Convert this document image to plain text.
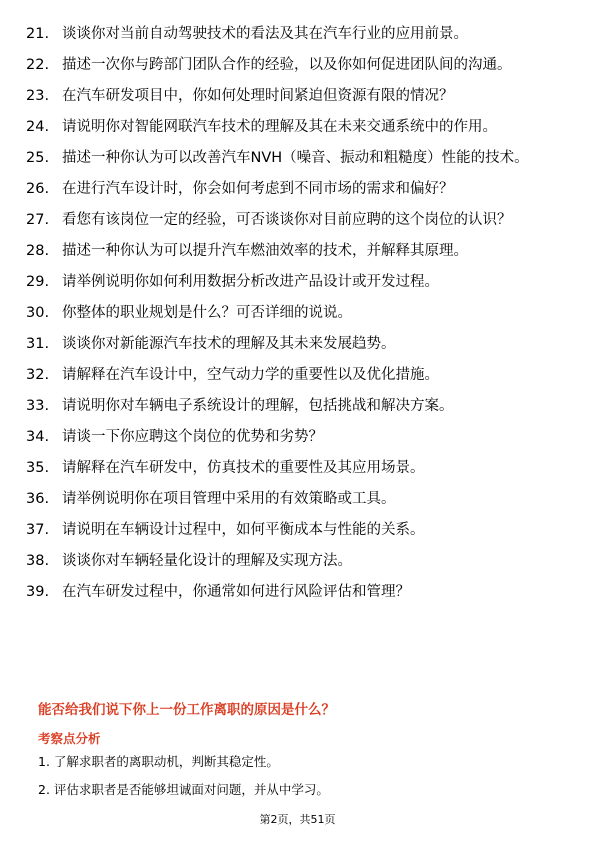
21. 谈谈你对当前自动驾驶技术的看法及其在汽车行业的应用前景。
22. 描述一次你与跨部门团队合作的经验，以及你如何促进团队间的沟通。
23. 在汽车研发项目中，你如何处理时间紧迫但资源有限的情况？
24. 请说明你对智能网联汽车技术的理解及其在未来交通系统中的作用。
25. 描述一种你认为可以改善汽车NVH（噪音、振动和粗糙度）性能的技术。
26. 在进行汽车设计时，你会如何考虑到不同市场的需求和偏好？
27. 看您有该岗位一定的经验，可否谈谈你对目前应聘的这个岗位的认识？
28. 描述一种你认为可以提升汽车燃油效率的技术，并解释其原理。
29. 请举例说明你如何利用数据分析改进产品设计或开发过程。
30. 你整体的职业规划是什么？可否详细的说说。
31. 谈谈你对新能源汽车技术的理解及其未来发展趋势。
32. 请解释在汽车设计中，空气动力学的重要性以及优化措施。
33. 请说明你对车辆电子系统设计的理解，包括挑战和解决方案。
34. 请谈一下你应聘这个岗位的优势和劣势？
35. 请解释在汽车研发中，仿真技术的重要性及其应用场景。
36. 请举例说明你在项目管理中采用的有效策略或工具。
37. 请说明在车辆设计过程中，如何平衡成本与性能的关系。
38. 谈谈你对车辆轻量化设计的理解及实现方法。
39. 在汽车研发过程中，你通常如何进行风险评估和管理？
能否给我们说下你上一份工作离职的原因是什么？
考察点分析
1. 了解求职者的离职动机，判断其稳定性。
2. 评估求职者是否能够坦诚面对问题，并从中学习。
第2页，共51页
